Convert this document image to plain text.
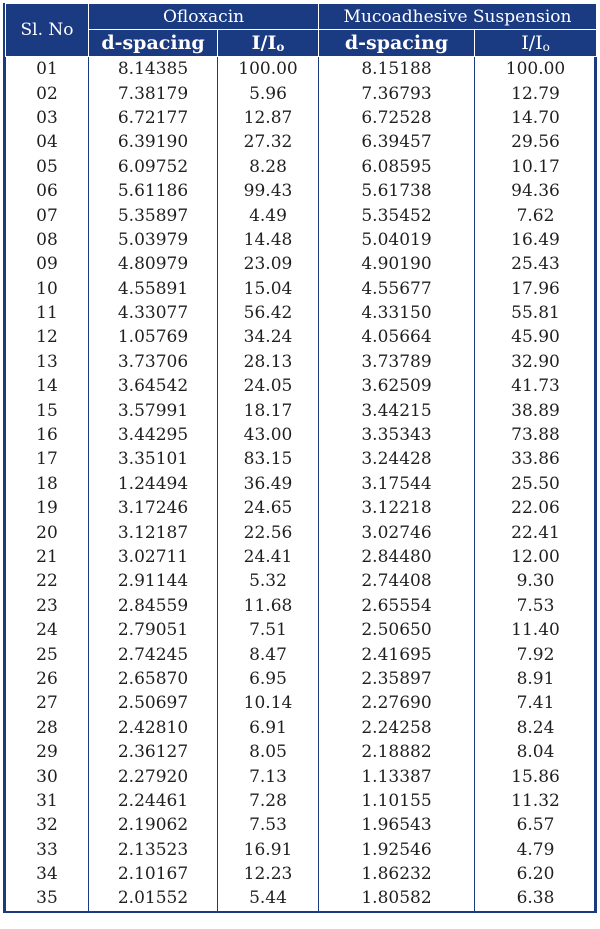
Sl. No	Ofloxacin		Mucoadhesive Suspension	
	d-spacing	$I/I_o$	d-spacing	$I/I_o$
01	8.14385	100.00	8.15188	100.00
02	7.38179	5.96	7.36793	12.79
03	6.72177	12.87	6.72528	14.70
04	6.39190	27.32	6.39457	29.56
05	6.09752	8.28	6.08595	10.17
06	5.61186	99.43	5.61738	94.36
07	5.35897	4.49	5.35452	7.62
08	5.03979	14.48	5.04019	16.49
09	4.80979	23.09	4.90190	25.43
10	4.55891	15.04	4.55677	17.96
11	4.33077	56.42	4.33150	55.81
12	1.05769	34.24	4.05664	45.90
13	3.73706	28.13	3.73789	32.90
14	3.64542	24.05	3.62509	41.73
15	3.57991	18.17	3.44215	38.89
16	3.44295	43.00	3.35343	73.88
17	3.35101	83.15	3.24428	33.86
18	1.24494	36.49	3.17544	25.50
19	3.17246	24.65	3.12218	22.06
20	3.12187	22.56	3.02746	22.41
21	3.02711	24.41	2.84480	12.00
22	2.91144	5.32	2.74408	9.30
23	2.84559	11.68	2.65554	7.53
24	2.79051	7.51	2.50650	11.40
25	2.74245	8.47	2.41695	7.92
26	2.65870	6.95	2.35897	8.91
27	2.50697	10.14	2.27690	7.41
28	2.42810	6.91	2.24258	8.24
29	2.36127	8.05	2.18882	8.04
30	2.27920	7.13	1.13387	15.86
31	2.24461	7.28	1.10155	11.32
32	2.19062	7.53	1.96543	6.57
33	2.13523	16.91	1.92546	4.79
34	2.10167	12.23	1.86232	6.20
35	2.01552	5.44	1.80582	6.38
